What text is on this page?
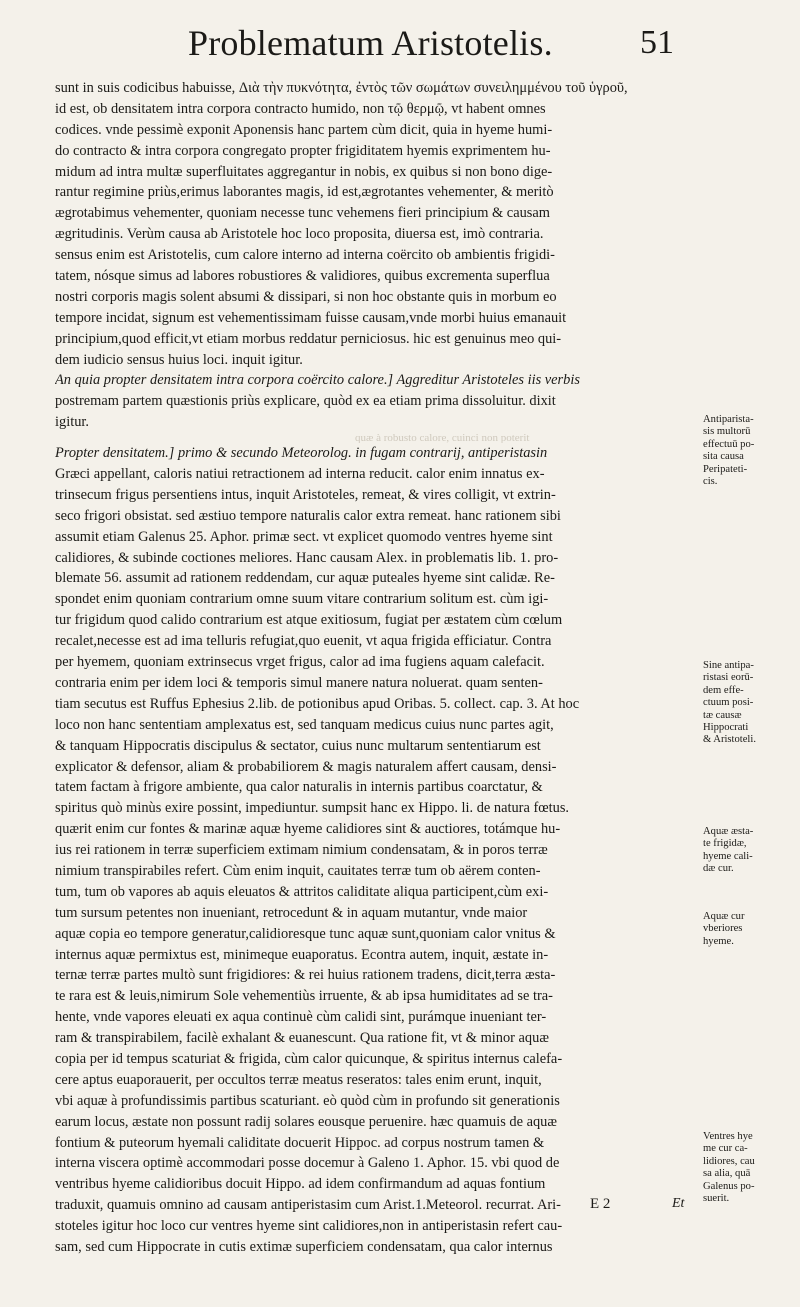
Problematum Aristotelis.	51
sunt in suis codicibus habuisse, Διὰ τὴν πυκνότητα, ἐντὸς τῶν σωμάτων συνειλημμένου τοῦ ὑγροῦ,
id est, ob densitatem intra corpora contracto humido, non τῷ θερμῷ, vt habent omnes
codices. vnde pessimè exponit Aponensis hanc partem cùm dicit, quia in hyeme humi-
do contracto & intra corpora congregato propter frigiditatem hyemis exprimentem hu-
midum ad intra multæ superfluitates aggregantur in nobis, ex quibus si non bono dige-
rantur regimine priùs,erimus laborantes magis, id est,ægrotantes vehementer, & meritò
ægrotabimus vehementer, quoniam necesse tunc vehemens fieri principium & causam
ægritudinis. Verùm causa ab Aristotele hoc loco proposita, diuersa est, imò contraria.
sensus enim est Aristotelis, cum calore interno ad interna coërcito ob ambientis frigidi-
tatem, nósque simus ad labores robustiores & validiores, quibus excrementa superflua
nostri corporis magis solent absumi & dissipari, si non hoc obstante quis in morbum eo
tempore incidat, signum est vehementissimam fuisse causam,vnde morbi huius emanauit
principium,quod efficit,vt etiam morbus reddatur perniciosus. hic est genuinus meo qui-
dem iudicio sensus huius loci. inquit igitur.
An quia propter densitatem intra corpora coërcito calore.] Aggreditur Aristoteles iis verbis
postremam partem quæstionis priùs explicare, quòd ex ea etiam prima dissoluitur. dixit
igitur.
quæ à robusto calore, cuinci non poterit
Propter densitatem.] primo & secundo Meteorolog. in fugam contrarij, antiperistasin
Græci appellant, caloris natiui retractionem ad interna reducit. calor enim innatus ex-
trinsecum frigus persentiens intus, inquit Aristoteles, remeat, & vires colligit, vt extrin-
seco frigori obsistat. sed æstiuo tempore naturalis calor extra remeat. hanc rationem sibi
assumit etiam Galenus 25. Aphor. primæ sect. vt explicet quomodo ventres hyeme sint
calidiores, & subinde coctiones meliores. Hanc causam Alex. in problematis lib. 1. pro-
blemate 56. assumit ad rationem reddendam, cur aquæ puteales hyeme sint calidæ. Re-
spondet enim quoniam contrarium omne suum vitare contrarium solitum est. cùm igi-
tur frigidum quod calido contrarium est atque exitiosum, fugiat per æstatem cùm cœlum
recalet,necesse est ad ima telluris refugiat,quo euenit, vt aqua frigida efficiatur. Contra
per hyemem, quoniam extrinsecus vrget frigus, calor ad ima fugiens aquam calefacit.
contraria enim per idem loci & temporis simul manere natura noluerat. quam senten-
tiam secutus est Ruffus Ephesius 2.lib. de potionibus apud Oribas. 5. collect. cap. 3. At hoc
loco non hanc sententiam amplexatus est, sed tanquam medicus cuius nunc partes agit,
& tanquam Hippocratis discipulus & sectator, cuius nunc multarum sententiarum est
explicator & defensor, aliam & probabiliorem & magis naturalem affert causam, densi-
tatem factam à frigore ambiente, qua calor naturalis in internis partibus coarctatur, &
spiritus quò minùs exire possint, impediuntur. sumpsit hanc ex Hippo. li. de natura fœtus.
quærit enim cur fontes & marinæ aquæ hyeme calidiores sint & auctiores, totámque hu-
ius rei rationem in terræ superficiem extimam nimium condensatam, & in poros terræ
nimium transpirabiles refert. Cùm enim inquit, cauitates terræ tum ob aërem conten-
tum, tum ob vapores ab aquis eleuatos & attritos caliditate aliqua participent,cùm exi-
tum sursum petentes non inueniant, retrocedunt & in aquam mutantur, vnde maior
aquæ copia eo tempore generatur,calidioresque tunc aquæ sunt,quoniam calor vnitus &
internus aquæ permixtus est, minimeque euaporatus. Econtra autem, inquit, æstate in-
ternæ terræ partes multò sunt frigidiores: & rei huius rationem tradens, dicit,terra æsta-
te rara est & leuis,nimirum Sole vehementiùs irruente, & ab ipsa humiditates ad se tra-
hente, vnde vapores eleuati ex aqua continuè cùm calidi sint, purámque inueniant ter-
ram & transpirabilem, facilè exhalant & euanescunt. Qua ratione fit, vt & minor aquæ
copia per id tempus scaturiat & frigida, cùm calor quicunque, & spiritus internus calefa-
cere aptus euaporauerit, per occultos terræ meatus reseratos: tales enim erunt, inquit,
vbi aquæ à profundissimis partibus scaturiant. eò quòd cùm in profundo sit generationis
earum locus, æstate non possunt radij solares eousque peruenire. hæc quamuis de aquæ
fontium & puteorum hyemali caliditate docuerit Hippoc. ad corpus nostrum tamen &
interna viscera optimè accommodari posse docemur à Galeno 1. Aphor. 15. vbi quod de
ventribus hyeme calidioribus docuit Hippo. ad idem confirmandum ad aquas fontium
traduxit, quamuis omnino ad causam antiperistasim cum Arist.1.Meteorol. recurrat. Ari-
stoteles igitur hoc loco cur ventres hyeme sint calidiores,non in antiperistasin refert cau-
sam, sed cum Hippocrate in cutis extimæ superficiem condensatam, qua calor internus
Antiparista-
sis multorū
effectuū po-
sita causa
Peripateti-
cis.
Sine antipa-
ristasi eorū-
dem effe-
ctuum posi-
tæ causæ
Hippocrati
& Aristoteli.
Aquæ æsta-
te frigidæ,
hyeme cali-
dæ cur.
Aquæ cur
vberiores
hyeme.
Ventres hye
me cur ca-
lidiores, cau
sa alia, quā
Galenus po-
suerit.
E 2	Et
